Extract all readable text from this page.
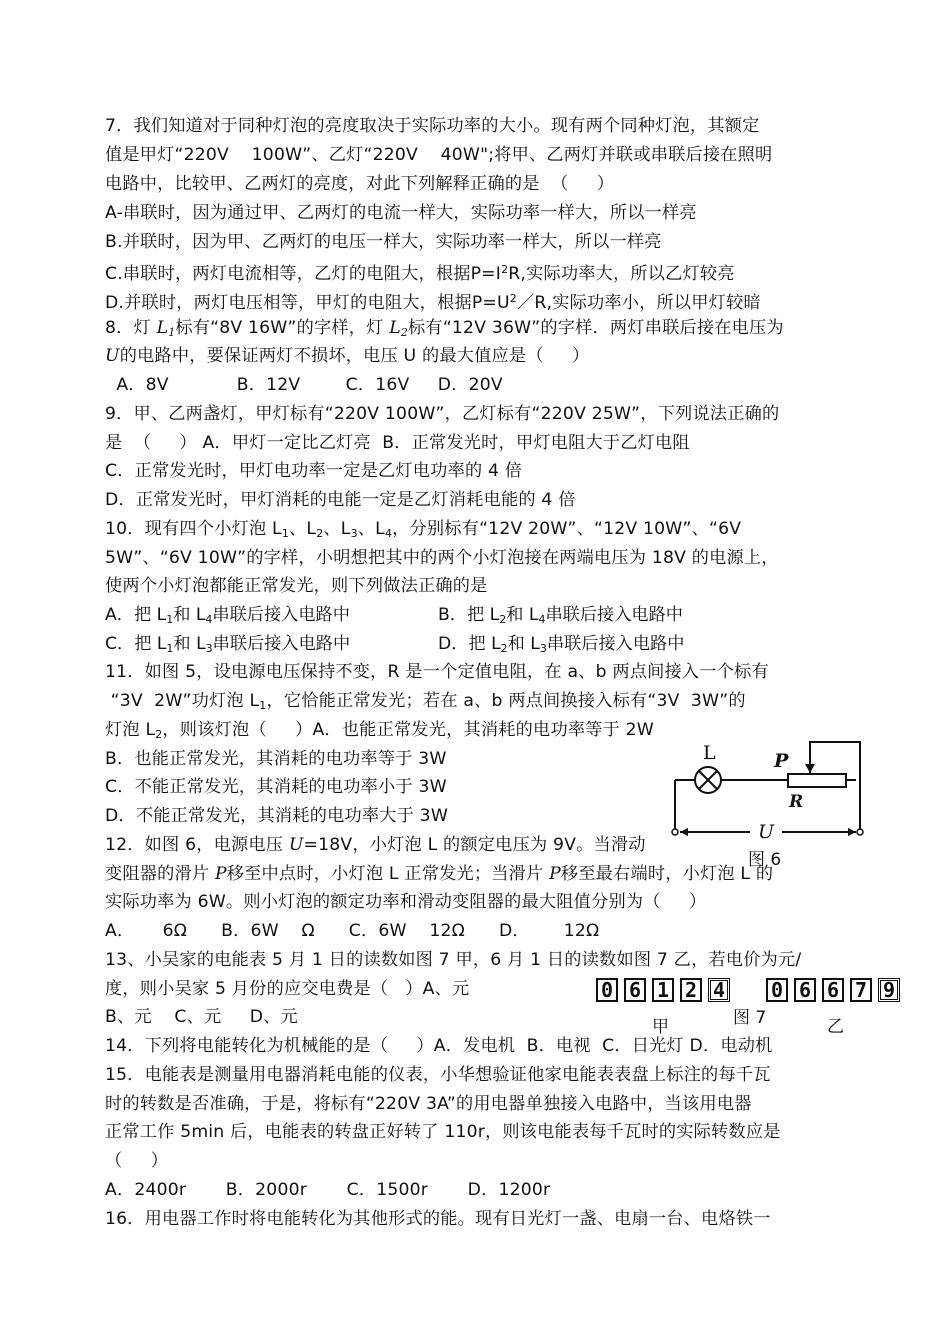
7．我们知道对于同种灯泡的亮度取决于实际功率的大小。现有两个同种灯泡，其额定
值是甲灯“220V    100W”、乙灯“220V    40W";将甲、乙两灯并联或串联后接在照明
电路中，比较甲、乙两灯的亮度，对此下列解释正确的是  （     ）
A-串联时，因为通过甲、乙两灯的电流一样大，实际功率一样大，所以一样亮
B.并联时，因为甲、乙两灯的电压一样大，实际功率一样大，所以一样亮
C.串联时，两灯电流相等，乙灯的电阻大，根据$P=I^2R$,实际功率大，所以乙灯较亮
D.并联时，两灯电压相等，甲灯的电阻大，根据$P=U^2/R$,实际功率小，所以甲灯较暗
8．灯 $L_1$标有“8V 16W”的字样，灯 $L_2$标有“12V 36W”的字样．两灯串联后接在电压为
U的电路中，要保证两灯不损坏，电压 U 的最大值应是（     ）
A．8V            B．12V        C．16V     D．20V
9．甲、乙两盏灯，甲灯标有“220V 100W”，乙灯标有“220V 25W”，下列说法正确的
是  （     ） A．甲灯一定比乙灯亮  B．正常发光时，甲灯电阻大于乙灯电阻
C．正常发光时，甲灯电功率一定是乙灯电功率的 4 倍
D．正常发光时，甲灯消耗的电能一定是乙灯消耗电能的 4 倍
10．现有四个小灯泡 $L_1$、$L_2$、$L_3$、$L_4$，分别标有“12V 20W”、“12V 10W”、“6V
5W”、“6V 10W”的字样，小明想把其中的两个小灯泡接在两端电压为 18V 的电源上，
使两个小灯泡都能正常发光，则下列做法正确的是
A．把 $L_1$和 $L_4$串联后接入电路中	B．把 $L_2$和 $L_4$串联后接入电路中
C．把 $L_1$和 $L_3$串联后接入电路中	D．把 $L_2$和 $L_3$串联后接入电路中
11．如图 5，设电源电压保持不变，R 是一个定值电阻，在 a、b 两点间接入一个标有
“3V  2W”功灯泡 $L_1$，它恰能正常发光；若在 a、b 两点间换接入标有“3V  3W”的
灯泡 $L_2$，则该灯泡（     ）A．也能正常发光，其消耗的电功率等于 2W
B．也能正常发光，其消耗的电功率等于 3W
C．不能正常发光，其消耗的电功率小于 3W
D．不能正常发光，其消耗的电功率大于 3W
L	P
R
U
图 6
12．如图 6，电源电压 U=18V，小灯泡 L 的额定电压为 9V。当滑动
变阻器的滑片 P移至中点时，小灯泡 L 正常发光；当滑片 P移至最右端时，小灯泡 L 的
实际功率为 6W。则小灯泡的额定功率和滑动变阻器的最大阻值分别为（     ）
A．     6Ω      B．6W    Ω      C．6W    12Ω      D．      12Ω
13、小吴家的电能表 5 月 1 日的读数如图 7 甲，6 月 1 日的读数如图 7 乙，若电价为元/
度，则小吴家 5 月份的应交电费是（   ）A、元
B、元    C、元     D、元
0 6 1 2 4 0 6 6 7 9
甲	图 7	乙
14．下列将电能转化为机械能的是（     ）A．发电机  B．电视  C．日光灯 D．电动机
15．电能表是测量用电器消耗电能的仪表，小华想验证他家电能表表盘上标注的每千瓦
时的转数是否准确，于是，将标有“220V 3A”的用电器单独接入电路中，当该用电器
正常工作 5min 后，电能表的转盘正好转了 110r，则该电能表每千瓦时的实际转数应是
（     ）
A．2400r       B．2000r       C．1500r       D．1200r
16．用电器工作时将电能转化为其他形式的能。现有日光灯一盏、电扇一台、电烙铁一
